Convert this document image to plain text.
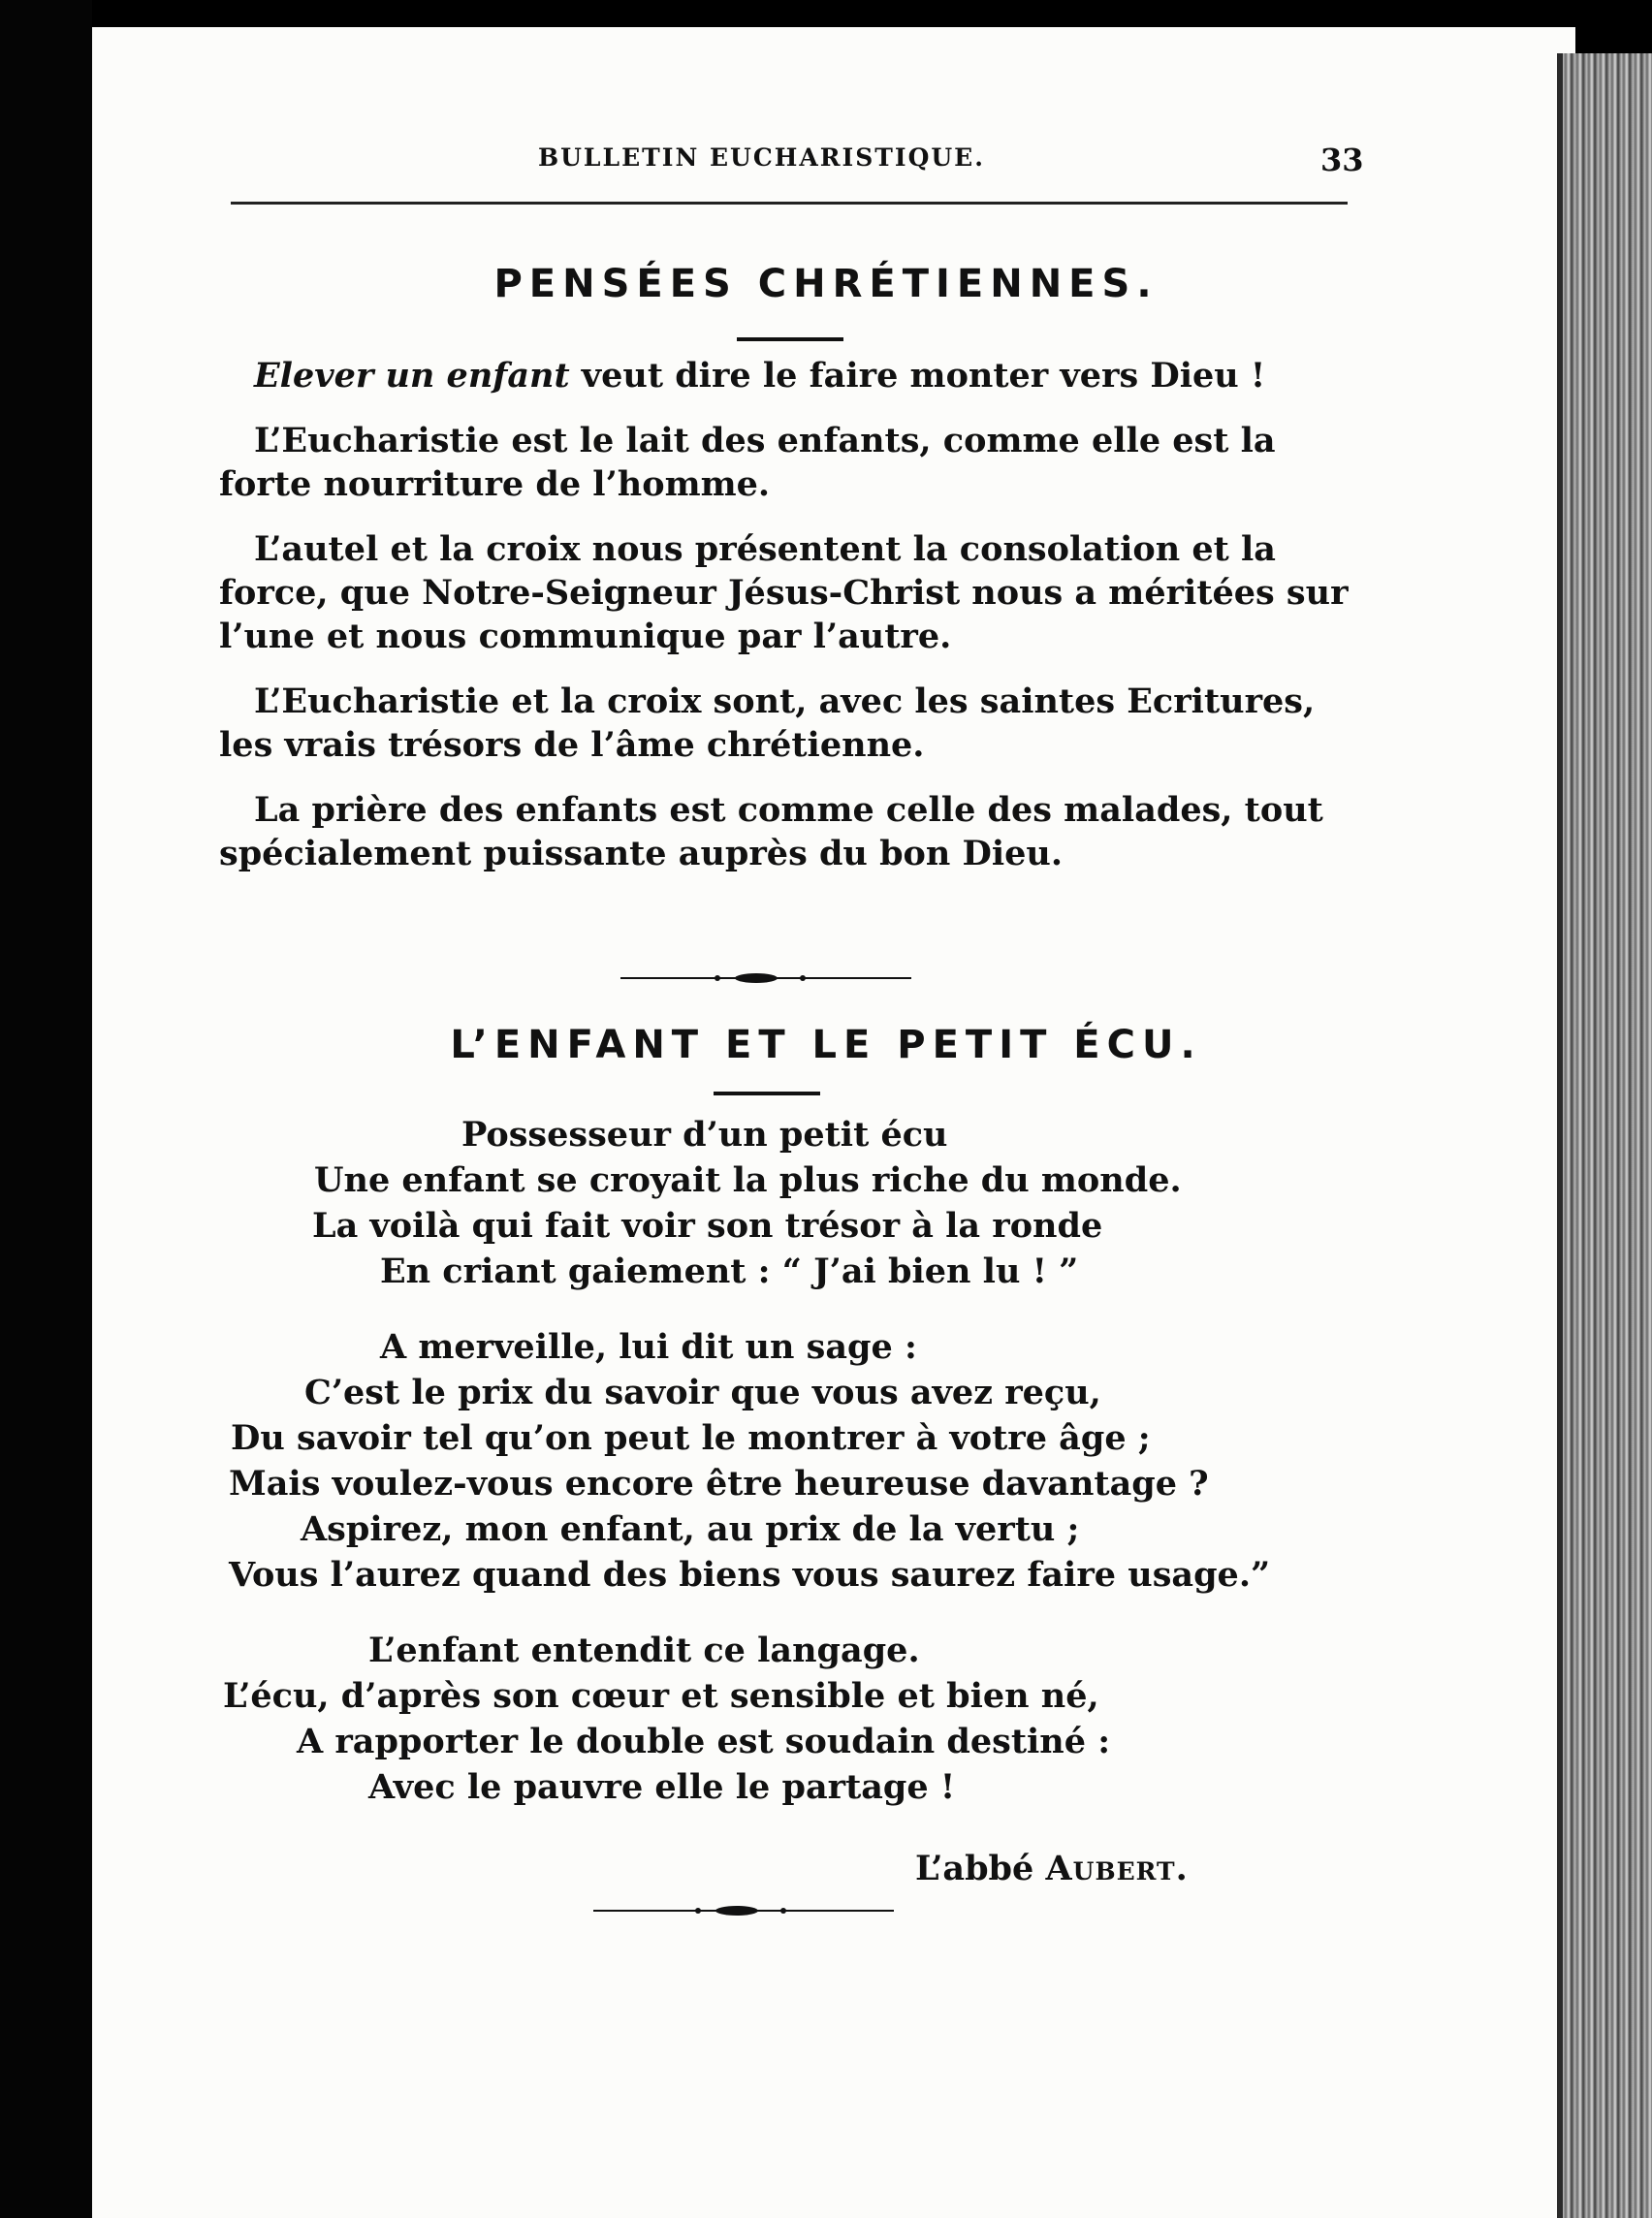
BULLETIN EUCHARISTIQUE.	33
PENSÉES CHRÉTIENNES.

Elever un enfant veut dire le faire monter vers Dieu !

L’Eucharistie est le lait des enfants, comme elle est la forte nourriture de l’homme.

L’autel et la croix nous présentent la consolation et la force, que Notre-Seigneur Jésus-Christ nous a méritées sur l’une et nous communique par l’autre.

L’Eucharistie et la croix sont, avec les saintes Ecritures, les vrais trésors de l’âme chrétienne.

La prière des enfants est comme celle des malades, tout spécialement puissante auprès du bon Dieu.

L’ENFANT ET LE PETIT ÉCU.
Possesseur d’un petit écu
Une enfant se croyait la plus riche du monde.
La voilà qui fait voir son trésor à la ronde
En criant gaiement : “ J’ai bien lu ! ”
A merveille, lui dit un sage :
C’est le prix du savoir que vous avez reçu,
Du savoir tel qu’on peut le montrer à votre âge ;
Mais voulez-vous encore être heureuse davantage ?
Aspirez, mon enfant, au prix de la vertu ;
Vous l’aurez quand des biens vous saurez faire usage.”
L’enfant entendit ce langage.
L’écu, d’après son cœur et sensible et bien né,
A rapporter le double est soudain destiné :
Avec le pauvre elle le partage !
L’abbé Aubert.
